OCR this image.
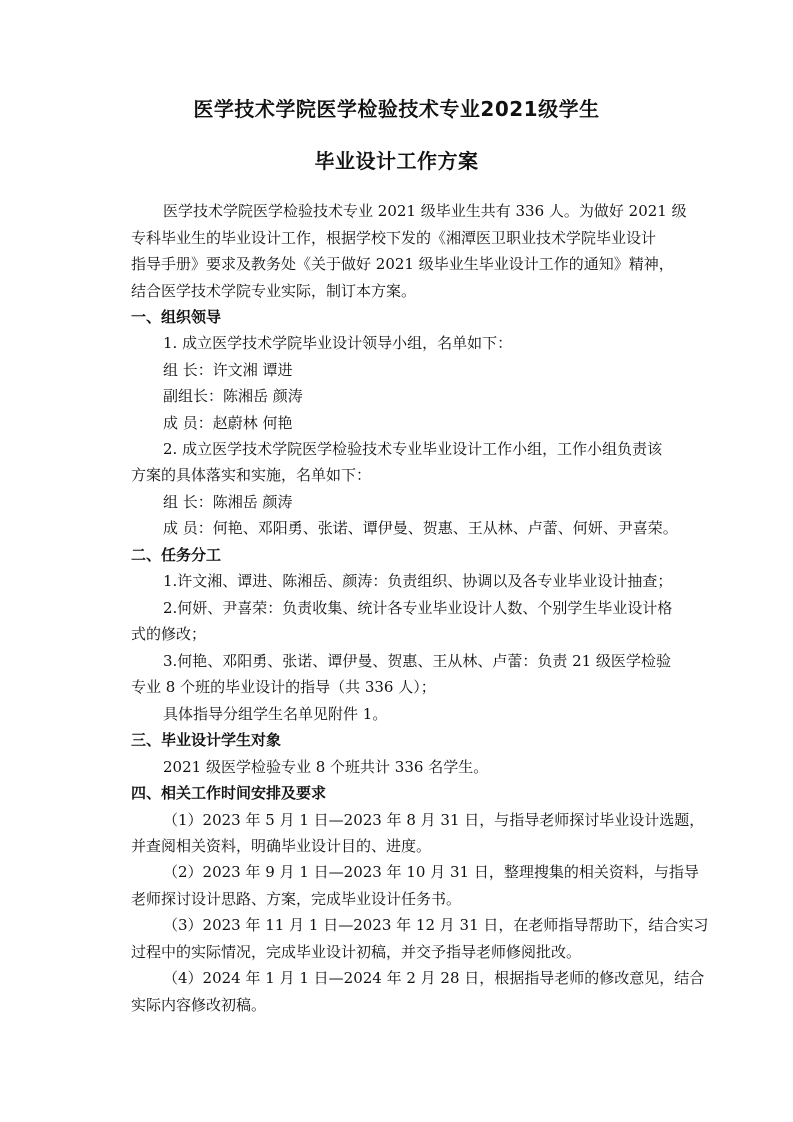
医学技术学院医学检验技术专业2021级学生
毕业设计工作方案
医学技术学院医学检验技术专业 2021 级毕业生共有 336 人。为做好 2021 级
专科毕业生的毕业设计工作，根据学校下发的《湘潭医卫职业技术学院毕业设计
指导手册》要求及教务处《关于做好 2021 级毕业生毕业设计工作的通知》精神，
结合医学技术学院专业实际，制订本方案。
一、组织领导
1. 成立医学技术学院毕业设计领导小组，名单如下：
组 长：许文湘 谭进
副组长：陈湘岳 颜涛
成 员：赵蔚林 何艳
2. 成立医学技术学院医学检验技术专业毕业设计工作小组，工作小组负责该
方案的具体落实和实施，名单如下：
组 长：陈湘岳 颜涛
成 员：何艳、邓阳勇、张诺、谭伊曼、贺惠、王从林、卢蕾、何妍、尹喜荣。
二、任务分工
1.许文湘、谭进、陈湘岳、颜涛：负责组织、协调以及各专业毕业设计抽查；
2.何妍、尹喜荣：负责收集、统计各专业毕业设计人数、个别学生毕业设计格
式的修改；
3.何艳、邓阳勇、张诺、谭伊曼、贺惠、王从林、卢蕾：负责 21 级医学检验
专业 8 个班的毕业设计的指导（共 336 人）；
具体指导分组学生名单见附件 1。
三、毕业设计学生对象
2021 级医学检验专业 8 个班共计 336 名学生。
四、相关工作时间安排及要求
（1）2023 年 5 月 1 日—2023 年 8 月 31 日，与指导老师探讨毕业设计选题，
并查阅相关资料，明确毕业设计目的、进度。
（2）2023 年 9 月 1 日—2023 年 10 月 31 日，整理搜集的相关资料，与指导
老师探讨设计思路、方案，完成毕业设计任务书。
（3）2023 年 11 月 1 日—2023 年 12 月 31 日，在老师指导帮助下，结合实习
过程中的实际情况，完成毕业设计初稿，并交予指导老师修阅批改。
（4）2024 年 1 月 1 日—2024 年 2 月 28 日，根据指导老师的修改意见，结合
实际内容修改初稿。
